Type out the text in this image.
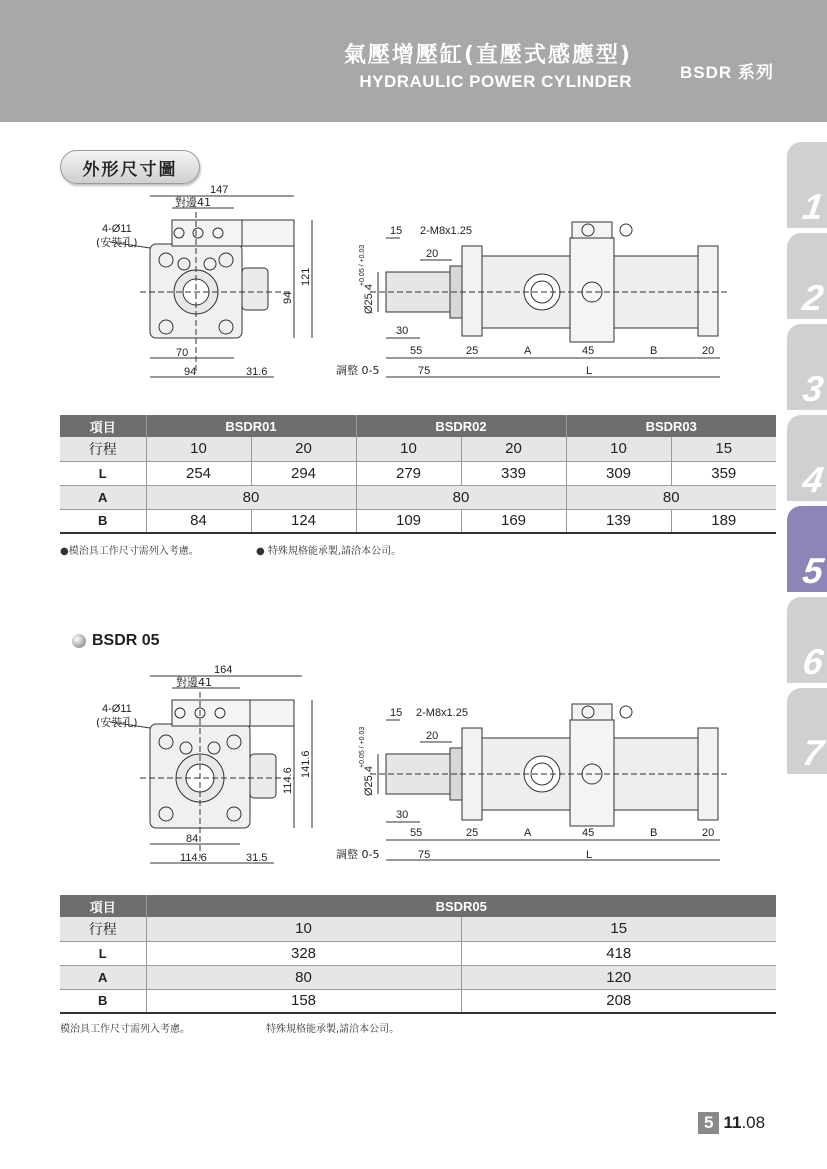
氣壓增壓缸(直壓式感應型)
HYDRAULIC POWER CYLINDER	BSDR 系列
1
2
3
4
5
6
7
外形尺寸圖
147
對邊41
4-Ø11
(安裝孔)
70
94	31.6
94
121
15 2-M8x1.25
20
Ø25.4
+0.05 / +0.03
30
55	25	A	45	B	20
調整 0-5	75	L
項目	BSDR01		BSDR02		BSDR03	
行程	10	20	10	20	10	15
L	254	294	279	339	309	359
A	80		80		80	
B	84	124	109	169	139	189
●模治具工作尺寸需列入考慮。	● 特殊規格能承製,請洽本公司。
BSDR 05
164
對邊41
4-Ø11
(安裝孔)
84
114.6	31.5
114.6
141.6
15 2-M8x1.25
20
Ø25.4
+0.05 / +0.03
30
55	25	A	45	B	20
調整 0-5	75	L
項目	BSDR05	
行程	10	15
L	328	418
A	80	120
B	158	208
模治具工作尺寸需列入考慮。	特殊規格能承製,請洽本公司。
5 11.08
